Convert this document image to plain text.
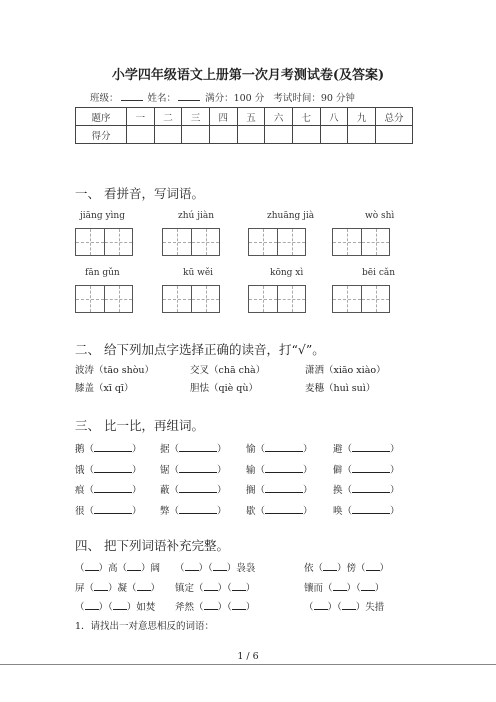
小学四年级语文上册第一次月考测试卷(及答案)
班级：	姓名：	满分：100 分 考试时间：90 分钟
题序	一	二	三	四	五	六	七	八	九	总分
得分										
一、 看拼音，写词语。
jiāng yìng	zhú jiàn	zhuāng jià	wò shì
fān gǔn	kū wěi	kōng xì	bēi cǎn
二、 给下列加点字选择正确的读音，打“√”。
波涛（tāo shòu）	交叉（chā chà）	潇洒（xiāo xiào）
膝盖（xī qī）	胆怯（qiè qù）	麦穗（huì suì）
三、 比一比，再组词。
鹅（	） 据（	） 愉（	） 避（	）
饿（	） 锯（	） 输（	） 僻（	）
痕（	） 蔽（	） 搁（	） 换（	）
很（	） 弊（	） 歇（	） 唤（	）
四、 把下列词语补充完整。
（ ）高（ ）阔 （ ）（ ）袅袅	依（ ）傍（ ）
屏（ ）凝（ ） 镇定（ ）（ ）	镶而（ ）（ ）
（ ）（ ）如焚 斧然（ ）（ ）	（ ）（ ）失措
1．请找出一对意思相反的词语：
1 / 6
